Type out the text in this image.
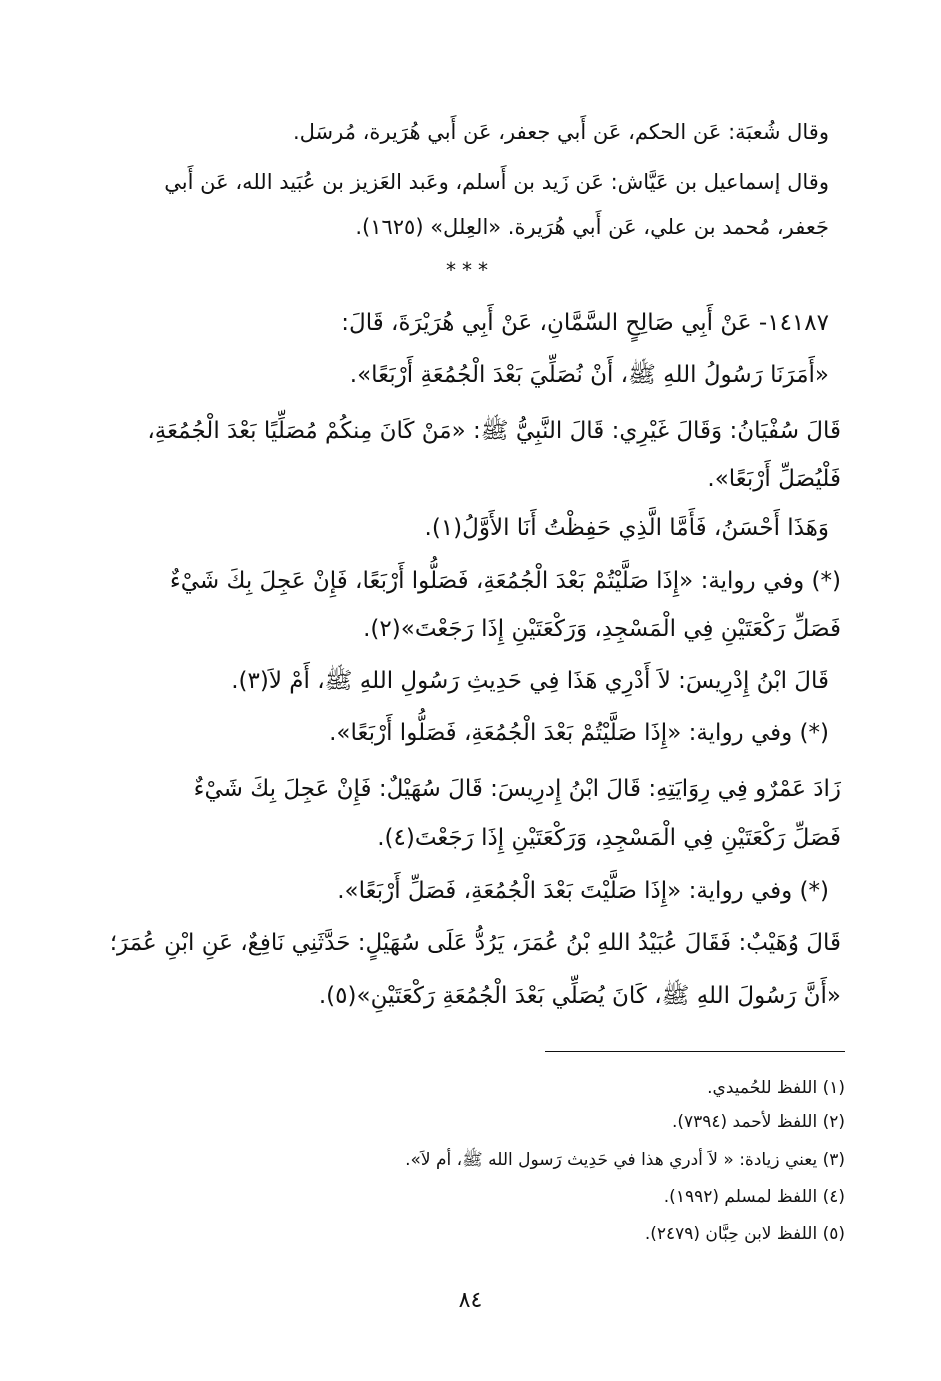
وقال شُعبَة: عَن الحكم، عَن أَبي جعفر، عَن أَبي هُرَيرة، مُرسَل.
وقال إسماعيل بن عَيَّاش: عَن زَيد بن أَسلم، وعَبد العَزيز بن عُبَيد الله، عَن أَبي
جَعفر، مُحمد بن علي، عَن أَبي هُرَيرة. «العِلل» (١٦٢٥).
***
١٤١٨٧- عَنْ أَبِي صَالِحٍ السَّمَّانِ، عَنْ أَبِي هُرَيْرَةَ، قَالَ:
«أَمَرَنَا رَسُولُ اللهِ ﷺ، أَنْ نُصَلِّيَ بَعْدَ الْجُمُعَةِ أَرْبَعًا».
قَالَ سُفْيَانُ: وَقَالَ غَيْرِي: قَالَ النَّبِيُّ ﷺ: «مَنْ كَانَ مِنكُمْ مُصَلِّيًا بَعْدَ الْجُمُعَةِ،
فَلْيُصَلِّ أَرْبَعًا».
وَهَذَا أَحْسَنُ، فَأَمَّا الَّذِي حَفِظْتُ أَنَا الأَوَّلُ(١).
(*) وفي رواية: «إِذَا صَلَّيْتُمْ بَعْدَ الْجُمُعَةِ، فَصَلُّوا أَرْبَعًا، فَإِنْ عَجِلَ بِكَ شَيْءٌ
فَصَلِّ رَكْعَتَيْنِ فِي الْمَسْجِدِ، وَرَكْعَتَيْنِ إِذَا رَجَعْتَ»(٢).
قَالَ ابْنُ إِدْرِيسَ: لاَ أَدْرِي هَذَا فِي حَدِيثِ رَسُولِ اللهِ ﷺ، أَمْ لاَ(٣).
(*) وفي رواية: «إِذَا صَلَّيْتُمْ بَعْدَ الْجُمُعَةِ، فَصَلُّوا أَرْبَعًا».
زَادَ عَمْرٌو فِي رِوَايَتِهِ: قَالَ ابْنُ إِدرِيسَ: قَالَ سُهَيْلٌ: فَإِنْ عَجِلَ بِكَ شَيْءٌ
فَصَلِّ رَكْعَتَيْنِ فِي الْمَسْجِدِ، وَرَكْعَتَيْنِ إِذَا رَجَعْتَ(٤).
(*) وفي رواية: «إِذَا صَلَّيْتَ بَعْدَ الْجُمُعَةِ، فَصَلِّ أَرْبَعًا».
قَالَ وُهَيْبٌ: فَقَالَ عُبَيْدُ اللهِ بْنُ عُمَرَ، يَرُدُّ عَلَى سُهَيْلٍ: حَدَّثَنِي نَافِعٌ، عَنِ ابْنِ عُمَرَ؛
«أَنَّ رَسُولَ اللهِ ﷺ، كَانَ يُصَلِّي بَعْدَ الْجُمُعَةِ رَكْعَتَيْنِ»(٥).
(١) اللفظ للحُميدي.
(٢) اللفظ لأحمد (٧٣٩٤).
(٣) يعني زيادة: « لاَ أدري هذا في حَدِيث رَسول الله ﷺ، أم لاَ».
(٤) اللفظ لمسلم (١٩٩٢).
(٥) اللفظ لابن حِبَّان (٢٤٧٩).
٨٤
